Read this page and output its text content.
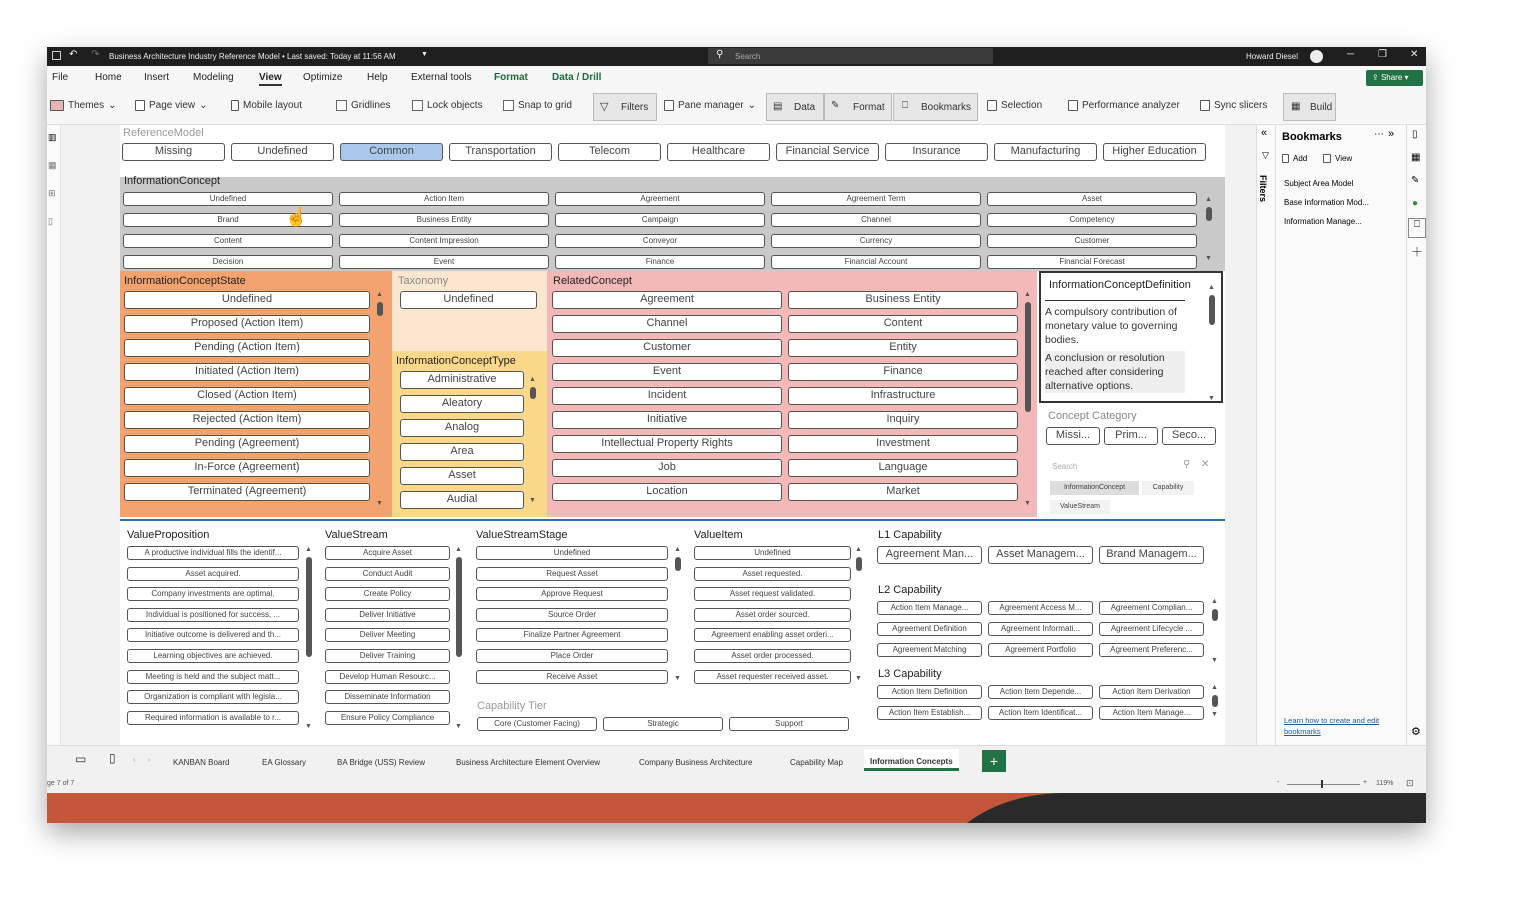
↶ ↷ Business Architecture Industry Reference Model • Last saved: Today at 11:56 AM	▼	⚲ Search	Howard Diesel	─ ❐ ✕
File	Home Insert Modeling	View Optimize Help External tools Format Data / Drill	⇪ Share ▾
Themes ⌄	Page view ⌄	Mobile layout	Gridlines	Lock objects	Snap to grid	▽ Filters	Pane manager ⌄ ▤ Data ✎ Format ⎕ Bookmarks	Selection	Performance analyzer	Sync slicers ▦ Build
▥
▦
⊞
▯
ReferenceModel
Missing	Undefined	Common	Transportation	Telecom	Healthcare	Financial Service	Insurance	Manufacturing	Higher Education
InformationConcept
Undefined	Action Item	Agreement	Agreement Term	Asset
Brand	Business Entity	Campaign	Channel	Competency
Content	Content Impression	Conveyor	Currency	Customer
Decision	Event	Finance	Financial Account	Financial Forecast
▲
▼
InformationConceptState
Undefined
Proposed (Action Item)
Pending (Action Item)
Initiated (Action Item)
Closed (Action Item)
Rejected (Action Item)
Pending (Agreement)
In-Force (Agreement)
Terminated (Agreement)
▲
▼
Taxonomy
Undefined
InformationConceptType
Administrative
Aleatory
Analog
Area
Asset
Audial
▲
▼
RelatedConcept
Agreement	Business Entity
Channel	Content
Customer	Entity
Event	Finance
Incident	Infrastructure
Initiative	Inquiry
Intellectual Property Rights	Investment
Job	Language
Location	Market
▲
▼
InformationConceptDefinition
A compulsory contribution of monetary value to governing bodies.
A conclusion or resolution reached after considering alternative options.
▲
▼
Concept Category
Missi...	Prim...	Seco...
Search	⚲ ✕
InformationConcept	Capability
ValueStream
ValueProposition
A productive individual fills the identif...
Asset acquired.
Company investments are optimal.
Individual is positioned for success, ...
Initiative outcome is delivered and th...
Learning objectives are achieved.
Meeting is held and the subject matt...
Organization is compliant with legisla...
Required information is available to r...
▲
▼
ValueStream
Acquire Asset
Conduct Audit
Create Policy
Deliver Initiative
Deliver Meeting
Deliver Training
Develop Human Resourc...
Disseminate Information
Ensure Policy Compliance
▲
▼
ValueStreamStage
Undefined
Request Asset
Approve Request
Source Order
Finalize Partner Agreement
Place Order
Receive Asset
▲
▼
ValueItem
Undefined
Asset requested.
Asset request validated.
Asset order sourced.
Agreement enabling asset orderi...
Asset order processed.
Asset requester received asset.
▲
▼
Capability Tier
Core (Customer Facing)	Strategic	Support
L1 Capability
Agreement Man...	Asset Managem...	Brand Managem...
L2 Capability
Action Item Manage...	Agreement Access M...	Agreement Complian...
Agreement Definition	Agreement Informati...	Agreement Lifecycle ...
Agreement Matching	Agreement Portfolio	Agreement Preferenc...
▲
▼
L3 Capability
Action Item Definition	Action Item Depende...	Action Item Derivation
Action Item Establish...	Action Item Identificat...	Action Item Manage...
▲
▼
☝
«
▽
Filters
Bookmarks	⋯ »
Add	View
Subject Area Model
Base Information Mod...
Information Manage...
Learn how to create and edit bookmarks
▯
▦
✎
●
⎕
＋
⚙
▭ ▯ ‹ ›	KANBAN Board	EA Glossary	BA Bridge (USS) Review	Business Architecture Element Overview	Company Business Architecture	Capability Map	Information Concepts	+
ge 7 of 7	-	+ 119% ⊡
